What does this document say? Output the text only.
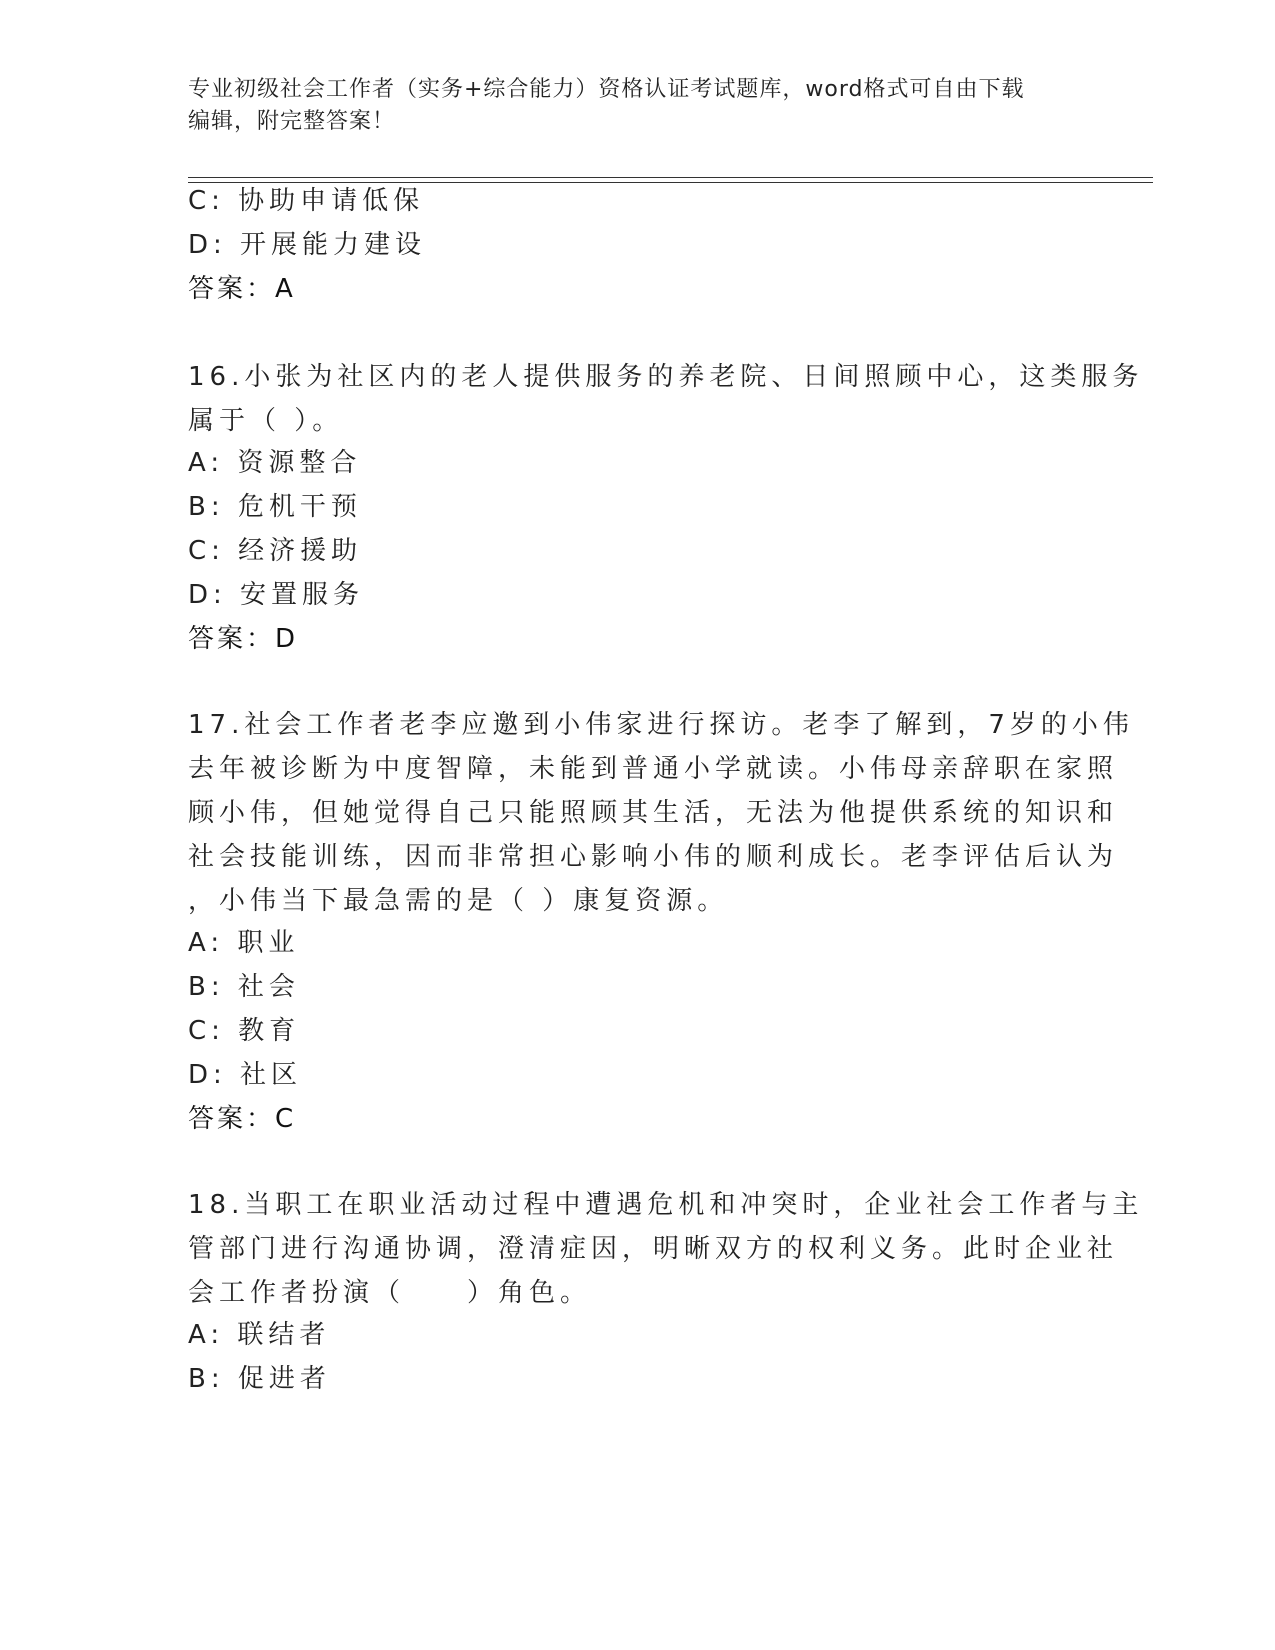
专业初级社会工作者（实务+综合能力）资格认证考试题库，word格式可自由下载
编辑，附完整答案！
C: 协助申请低保
D: 开展能力建设
答案：A
16.小张为社区内的老人提供服务的养老院、日间照顾中心，这类服务
属于（ ）。
A: 资源整合
B: 危机干预
C: 经济援助
D: 安置服务
答案：D
17.社会工作者老李应邀到小伟家进行探访。老李了解到，7岁的小伟
去年被诊断为中度智障，未能到普通小学就读。小伟母亲辞职在家照
顾小伟，但她觉得自己只能照顾其生活，无法为他提供系统的知识和
社会技能训练，因而非常担心影响小伟的顺利成长。老李评估后认为
，小伟当下最急需的是（ ）康复资源。
A: 职业
B: 社会
C: 教育
D: 社区
答案：C
18.当职工在职业活动过程中遭遇危机和冲突时，企业社会工作者与主
管部门进行沟通协调，澄清症因，明晰双方的权利义务。此时企业社
会工作者扮演（　　）角色。
A: 联结者
B: 促进者
